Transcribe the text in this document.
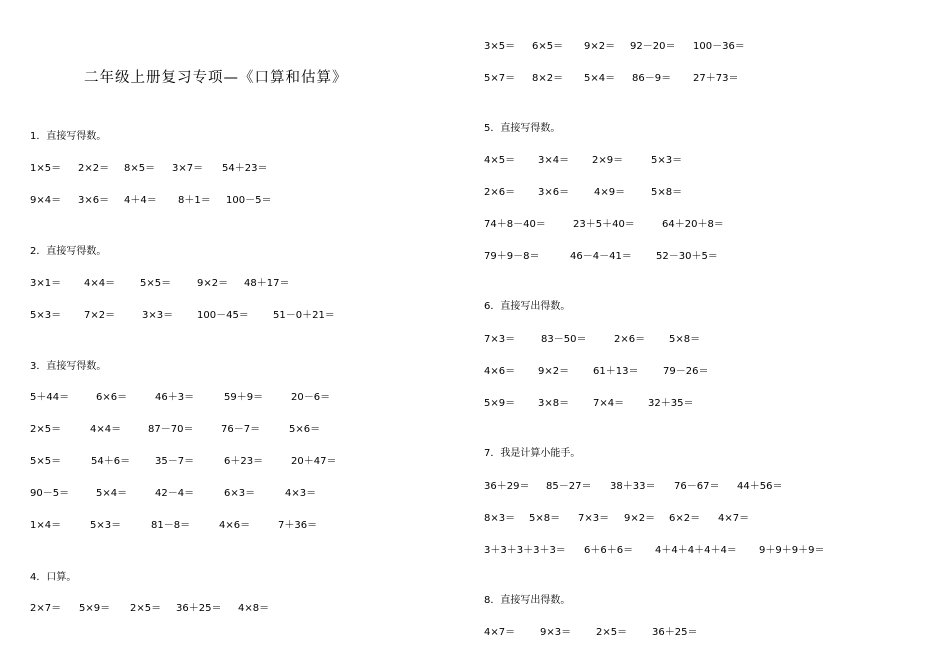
二年级上册复习专项—《口算和估算》
1．直接写得数。
1×5＝ 2×2＝ 8×5＝ 3×7＝ 54＋23＝
9×4＝ 3×6＝ 4＋4＝ 8＋1＝ 100－5＝
2．直接写得数。
3×1＝ 4×4＝ 5×5＝	9×2＝ 48＋17＝
5×3＝ 7×2＝	3×3＝ 100－45＝ 51－0＋21＝
3．直接写得数。
5＋44＝	6×6＝	46＋3＝	59＋9＝	20－6＝
2×5＝	4×4＝	87－70＝	76－7＝	5×6＝
5×5＝	54＋6＝ 35－7＝	6＋23＝	20＋47＝
90－5＝	5×4＝	42－4＝	6×3＝	4×3＝
1×4＝	5×3＝	81－8＝	4×6＝	7＋36＝
4．口算。
2×7＝ 5×9＝ 2×5＝ 36＋25＝ 4×8＝
3×5＝ 6×5＝ 9×2＝ 92－20＝ 100－36＝
5×7＝ 8×2＝ 5×4＝ 86－9＝ 27＋73＝
5．直接写得数。
4×5＝ 3×4＝ 2×9＝	5×3＝
2×6＝ 3×6＝ 4×9＝	5×8＝
74＋8－40＝	23＋5＋40＝	64＋20＋8＝
79＋9－8＝	46－4－41＝ 52－30＋5＝
6．直接写出得数。
7×3＝	83－50＝	2×6＝ 5×8＝
4×6＝ 9×2＝ 61＋13＝ 79－26＝
5×9＝ 3×8＝ 7×4＝ 32＋35＝
7．我是计算小能手。
36＋29＝ 85－27＝ 38＋33＝ 76－67＝ 44＋56＝
8×3＝ 5×8＝ 7×3＝ 9×2＝ 6×2＝ 4×7＝
3＋3＋3＋3＋3＝ 6＋6＋6＝ 4＋4＋4＋4＋4＝ 9＋9＋9＋9＝
8．直接写出得数。
4×7＝ 9×3＝ 2×5＝ 36＋25＝
